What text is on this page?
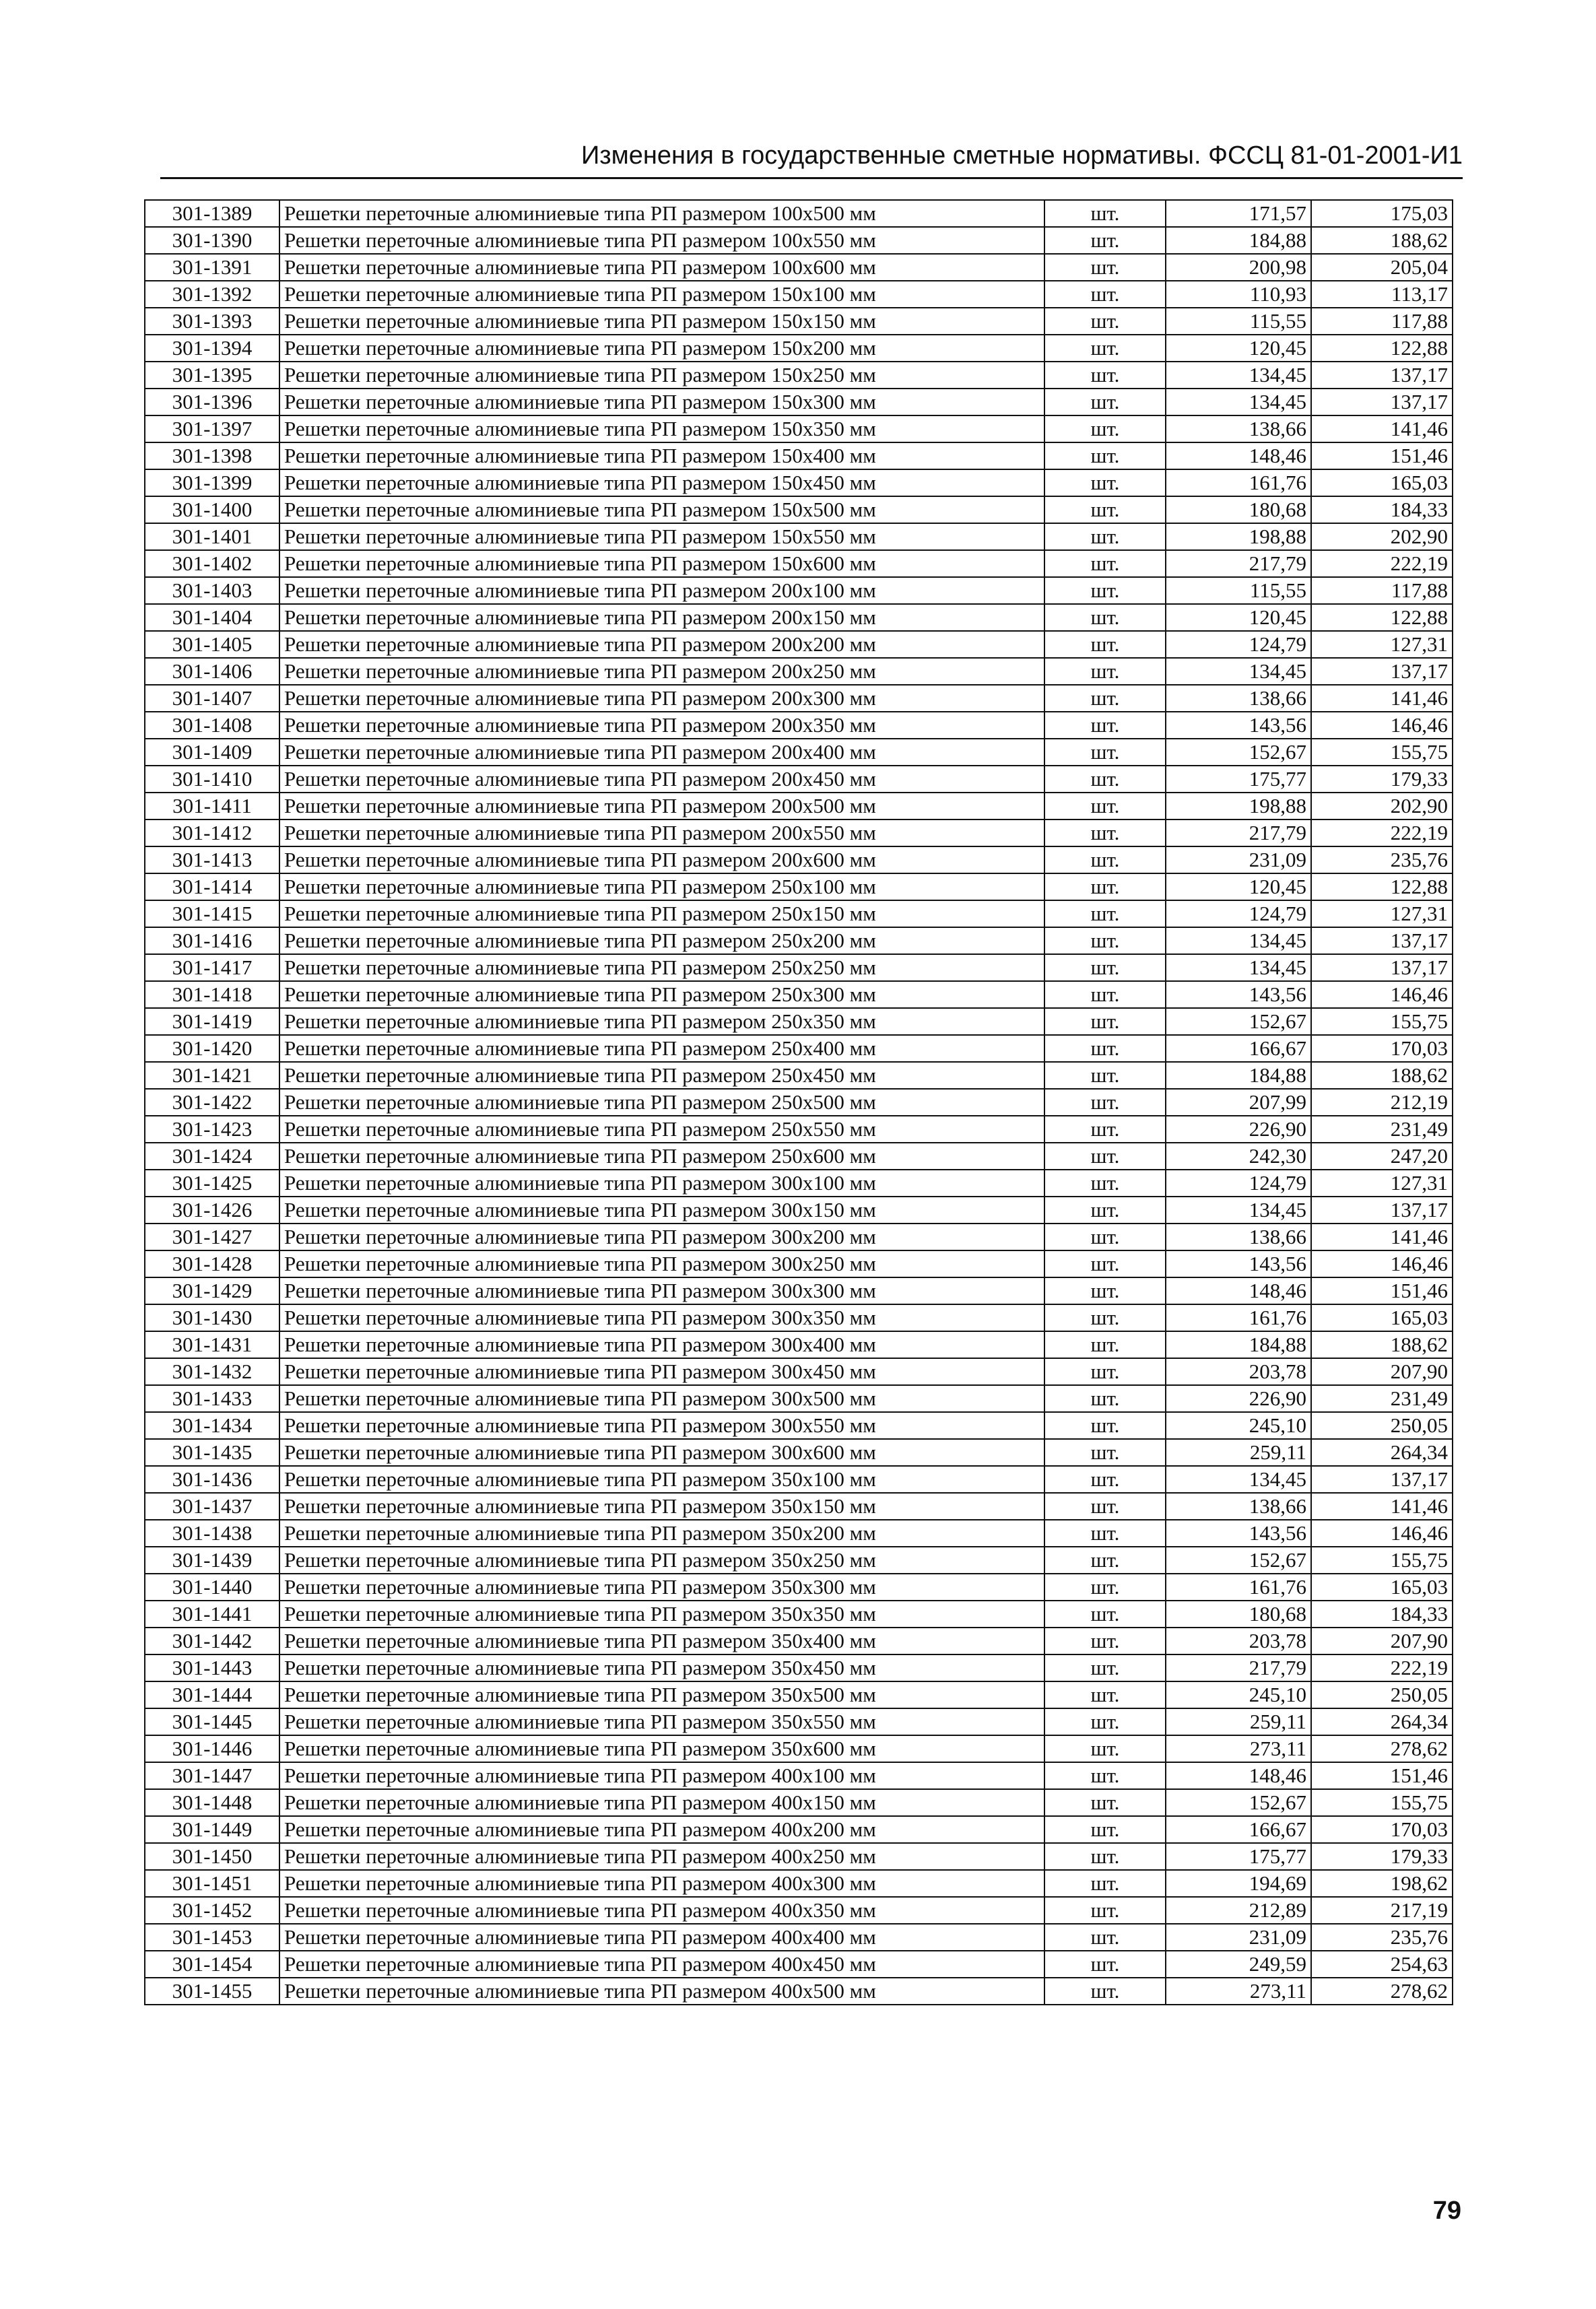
Изменения в государственные сметные нормативы. ФССЦ 81-01-2001-И1
301-1389	Решетки переточные алюминиевые типа РП размером 100х500 мм	шт.	171,57	175,03
301-1390	Решетки переточные алюминиевые типа РП размером 100х550 мм	шт.	184,88	188,62
301-1391	Решетки переточные алюминиевые типа РП размером 100х600 мм	шт.	200,98	205,04
301-1392	Решетки переточные алюминиевые типа РП размером 150х100 мм	шт.	110,93	113,17
301-1393	Решетки переточные алюминиевые типа РП размером 150х150 мм	шт.	115,55	117,88
301-1394	Решетки переточные алюминиевые типа РП размером 150х200 мм	шт.	120,45	122,88
301-1395	Решетки переточные алюминиевые типа РП размером 150х250 мм	шт.	134,45	137,17
301-1396	Решетки переточные алюминиевые типа РП размером 150х300 мм	шт.	134,45	137,17
301-1397	Решетки переточные алюминиевые типа РП размером 150х350 мм	шт.	138,66	141,46
301-1398	Решетки переточные алюминиевые типа РП размером 150х400 мм	шт.	148,46	151,46
301-1399	Решетки переточные алюминиевые типа РП размером 150х450 мм	шт.	161,76	165,03
301-1400	Решетки переточные алюминиевые типа РП размером 150х500 мм	шт.	180,68	184,33
301-1401	Решетки переточные алюминиевые типа РП размером 150х550 мм	шт.	198,88	202,90
301-1402	Решетки переточные алюминиевые типа РП размером 150х600 мм	шт.	217,79	222,19
301-1403	Решетки переточные алюминиевые типа РП размером 200х100 мм	шт.	115,55	117,88
301-1404	Решетки переточные алюминиевые типа РП размером 200х150 мм	шт.	120,45	122,88
301-1405	Решетки переточные алюминиевые типа РП размером 200х200 мм	шт.	124,79	127,31
301-1406	Решетки переточные алюминиевые типа РП размером 200х250 мм	шт.	134,45	137,17
301-1407	Решетки переточные алюминиевые типа РП размером 200х300 мм	шт.	138,66	141,46
301-1408	Решетки переточные алюминиевые типа РП размером 200х350 мм	шт.	143,56	146,46
301-1409	Решетки переточные алюминиевые типа РП размером 200х400 мм	шт.	152,67	155,75
301-1410	Решетки переточные алюминиевые типа РП размером 200х450 мм	шт.	175,77	179,33
301-1411	Решетки переточные алюминиевые типа РП размером 200х500 мм	шт.	198,88	202,90
301-1412	Решетки переточные алюминиевые типа РП размером 200х550 мм	шт.	217,79	222,19
301-1413	Решетки переточные алюминиевые типа РП размером 200х600 мм	шт.	231,09	235,76
301-1414	Решетки переточные алюминиевые типа РП размером 250х100 мм	шт.	120,45	122,88
301-1415	Решетки переточные алюминиевые типа РП размером 250х150 мм	шт.	124,79	127,31
301-1416	Решетки переточные алюминиевые типа РП размером 250х200 мм	шт.	134,45	137,17
301-1417	Решетки переточные алюминиевые типа РП размером 250х250 мм	шт.	134,45	137,17
301-1418	Решетки переточные алюминиевые типа РП размером 250х300 мм	шт.	143,56	146,46
301-1419	Решетки переточные алюминиевые типа РП размером 250х350 мм	шт.	152,67	155,75
301-1420	Решетки переточные алюминиевые типа РП размером 250х400 мм	шт.	166,67	170,03
301-1421	Решетки переточные алюминиевые типа РП размером 250х450 мм	шт.	184,88	188,62
301-1422	Решетки переточные алюминиевые типа РП размером 250х500 мм	шт.	207,99	212,19
301-1423	Решетки переточные алюминиевые типа РП размером 250х550 мм	шт.	226,90	231,49
301-1424	Решетки переточные алюминиевые типа РП размером 250х600 мм	шт.	242,30	247,20
301-1425	Решетки переточные алюминиевые типа РП размером 300х100 мм	шт.	124,79	127,31
301-1426	Решетки переточные алюминиевые типа РП размером 300х150 мм	шт.	134,45	137,17
301-1427	Решетки переточные алюминиевые типа РП размером 300х200 мм	шт.	138,66	141,46
301-1428	Решетки переточные алюминиевые типа РП размером 300х250 мм	шт.	143,56	146,46
301-1429	Решетки переточные алюминиевые типа РП размером 300х300 мм	шт.	148,46	151,46
301-1430	Решетки переточные алюминиевые типа РП размером 300х350 мм	шт.	161,76	165,03
301-1431	Решетки переточные алюминиевые типа РП размером 300х400 мм	шт.	184,88	188,62
301-1432	Решетки переточные алюминиевые типа РП размером 300х450 мм	шт.	203,78	207,90
301-1433	Решетки переточные алюминиевые типа РП размером 300х500 мм	шт.	226,90	231,49
301-1434	Решетки переточные алюминиевые типа РП размером 300х550 мм	шт.	245,10	250,05
301-1435	Решетки переточные алюминиевые типа РП размером 300х600 мм	шт.	259,11	264,34
301-1436	Решетки переточные алюминиевые типа РП размером 350х100 мм	шт.	134,45	137,17
301-1437	Решетки переточные алюминиевые типа РП размером 350х150 мм	шт.	138,66	141,46
301-1438	Решетки переточные алюминиевые типа РП размером 350х200 мм	шт.	143,56	146,46
301-1439	Решетки переточные алюминиевые типа РП размером 350х250 мм	шт.	152,67	155,75
301-1440	Решетки переточные алюминиевые типа РП размером 350х300 мм	шт.	161,76	165,03
301-1441	Решетки переточные алюминиевые типа РП размером 350х350 мм	шт.	180,68	184,33
301-1442	Решетки переточные алюминиевые типа РП размером 350х400 мм	шт.	203,78	207,90
301-1443	Решетки переточные алюминиевые типа РП размером 350х450 мм	шт.	217,79	222,19
301-1444	Решетки переточные алюминиевые типа РП размером 350х500 мм	шт.	245,10	250,05
301-1445	Решетки переточные алюминиевые типа РП размером 350х550 мм	шт.	259,11	264,34
301-1446	Решетки переточные алюминиевые типа РП размером 350х600 мм	шт.	273,11	278,62
301-1447	Решетки переточные алюминиевые типа РП размером 400х100 мм	шт.	148,46	151,46
301-1448	Решетки переточные алюминиевые типа РП размером 400х150 мм	шт.	152,67	155,75
301-1449	Решетки переточные алюминиевые типа РП размером 400х200 мм	шт.	166,67	170,03
301-1450	Решетки переточные алюминиевые типа РП размером 400х250 мм	шт.	175,77	179,33
301-1451	Решетки переточные алюминиевые типа РП размером 400х300 мм	шт.	194,69	198,62
301-1452	Решетки переточные алюминиевые типа РП размером 400х350 мм	шт.	212,89	217,19
301-1453	Решетки переточные алюминиевые типа РП размером 400х400 мм	шт.	231,09	235,76
301-1454	Решетки переточные алюминиевые типа РП размером 400х450 мм	шт.	249,59	254,63
301-1455	Решетки переточные алюминиевые типа РП размером 400х500 мм	шт.	273,11	278,62
79
